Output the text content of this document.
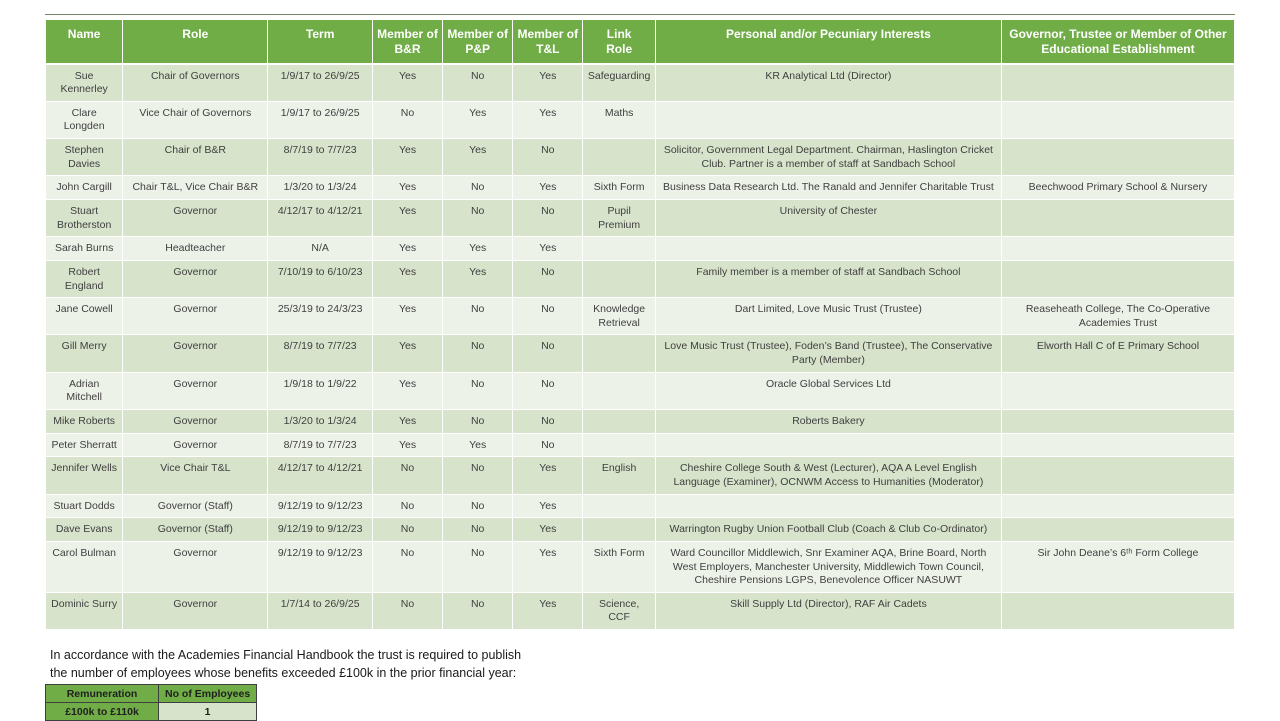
Name	Role	Term	Member of B&R	Member of P&P	Member of T&L	Link Role	Personal and/or Pecuniary Interests	Governor, Trustee or Member of Other Educational Establishment
Sue Kennerley	Chair of Governors	1/9/17 to 26/9/25	Yes	No	Yes	Safeguarding	KR Analytical Ltd (Director)	
Clare Longden	Vice Chair of Governors	1/9/17 to 26/9/25	No	Yes	Yes	Maths		
Stephen Davies	Chair of B&R	8/7/19 to 7/7/23	Yes	Yes	No		Solicitor, Government Legal Department. Chairman, Haslington Cricket Club. Partner is a member of staff at Sandbach School	
John Cargill	Chair T&L, Vice Chair B&R	1/3/20 to 1/3/24	Yes	No	Yes	Sixth Form	Business Data Research Ltd. The Ranald and Jennifer Charitable Trust	Beechwood Primary School & Nursery
Stuart Brotherston	Governor	4/12/17 to 4/12/21	Yes	No	No	Pupil Premium	University of Chester	
Sarah Burns	Headteacher	N/A	Yes	Yes	Yes			
Robert England	Governor	7/10/19 to 6/10/23	Yes	Yes	No		Family member is a member of staff at Sandbach School	
Jane Cowell	Governor	25/3/19 to 24/3/23	Yes	No	No	Knowledge Retrieval	Dart Limited, Love Music Trust (Trustee)	Reaseheath College, The Co-Operative Academies Trust
Gill Merry	Governor	8/7/19 to 7/7/23	Yes	No	No		Love Music Trust (Trustee), Foden’s Band (Trustee), The Conservative Party (Member)	Elworth Hall C of E Primary School
Adrian Mitchell	Governor	1/9/18 to 1/9/22	Yes	No	No		Oracle Global Services Ltd	
Mike Roberts	Governor	1/3/20 to 1/3/24	Yes	No	No		Roberts Bakery	
Peter Sherratt	Governor	8/7/19 to 7/7/23	Yes	Yes	No			
Jennifer Wells	Vice Chair T&L	4/12/17 to 4/12/21	No	No	Yes	English	Cheshire College South & West (Lecturer), AQA A Level English Language (Examiner), OCNWM Access to Humanities (Moderator)	
Stuart Dodds	Governor (Staff)	9/12/19 to 9/12/23	No	No	Yes			
Dave Evans	Governor (Staff)	9/12/19 to 9/12/23	No	No	Yes		Warrington Rugby Union Football Club (Coach & Club Co-Ordinator)	
Carol Bulman	Governor	9/12/19 to 9/12/23	No	No	Yes	Sixth Form	Ward Councillor Middlewich, Snr Examiner AQA, Brine Board, North West Employers, Manchester University, Middlewich Town Council, Cheshire Pensions LGPS, Benevolence Officer NASUWT	Sir John Deane’s 6ᵗʰ Form College
Dominic Surry	Governor	1/7/14 to 26/9/25	No	No	Yes	Science, CCF	Skill Supply Ltd (Director), RAF Air Cadets	
In accordance with the Academies Financial Handbook the trust is required to publish the number of employees whose benefits exceeded £100k in the prior financial year:
Remuneration	No of Employees
£100k to £110k	1
